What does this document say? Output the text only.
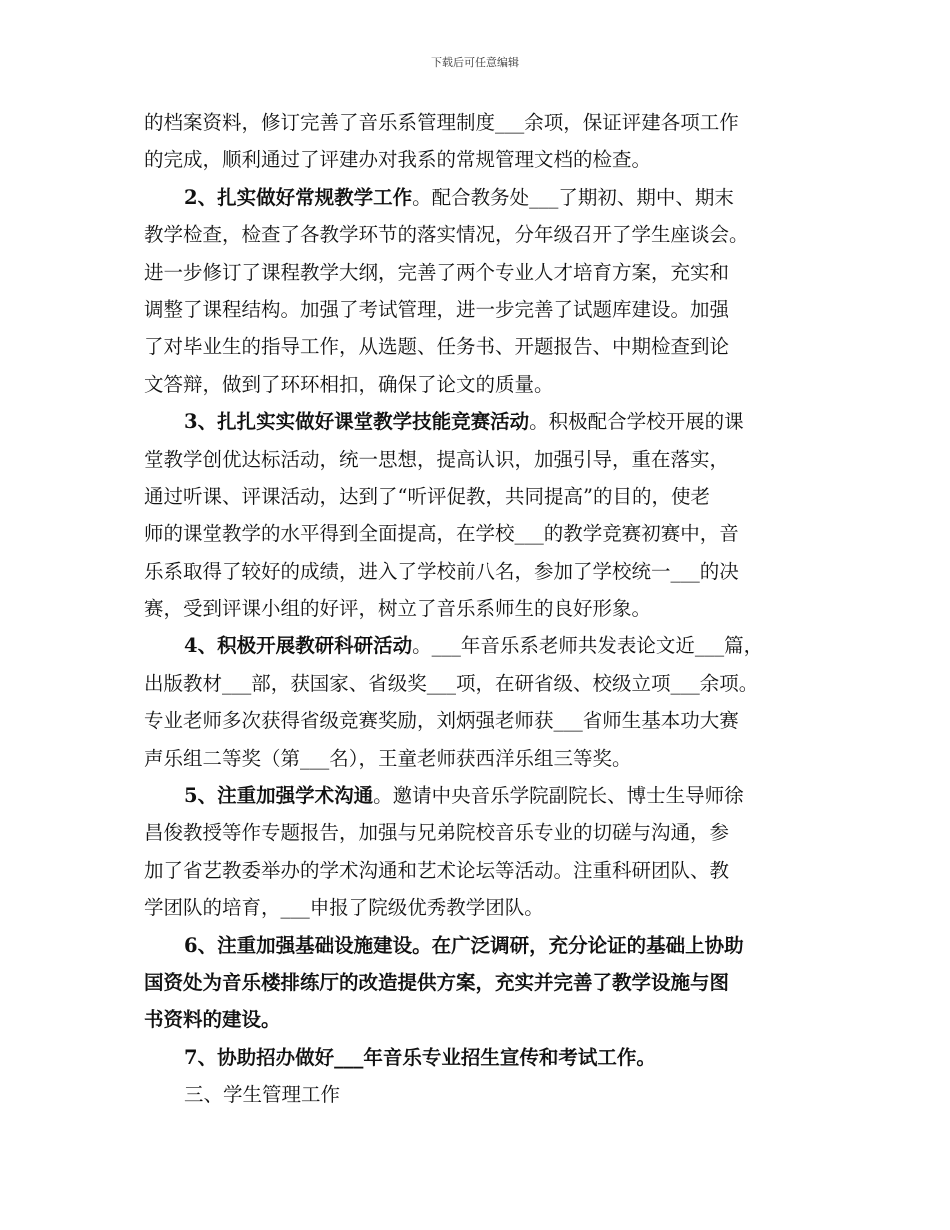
下载后可任意编辑
的档案资料，修订完善了音乐系管理制度___余项，保证评建各项工作
的完成，顺利通过了评建办对我系的常规管理文档的检查。
2、扎实做好常规教学工作。配合教务处___了期初、期中、期末
教学检查，检查了各教学环节的落实情况，分年级召开了学生座谈会。
进一步修订了课程教学大纲，完善了两个专业人才培育方案，充实和
调整了课程结构。加强了考试管理，进一步完善了试题库建设。加强
了对毕业生的指导工作，从选题、任务书、开题报告、中期检查到论
文答辩，做到了环环相扣，确保了论文的质量。
3、扎扎实实做好课堂教学技能竞赛活动。积极配合学校开展的课
堂教学创优达标活动，统一思想，提高认识，加强引导，重在落实，
通过听课、评课活动，达到了“听评促教，共同提高”的目的，使老
师的课堂教学的水平得到全面提高，在学校___的教学竞赛初赛中，音
乐系取得了较好的成绩，进入了学校前八名，参加了学校统一___的决
赛，受到评课小组的好评，树立了音乐系师生的良好形象。
4、积极开展教研科研活动。___年音乐系老师共发表论文近___篇，
出版教材___部，获国家、省级奖___项，在研省级、校级立项___余项。
专业老师多次获得省级竞赛奖励，刘炳强老师获___省师生基本功大赛
声乐组二等奖（第___名），王童老师获西洋乐组三等奖。
5、注重加强学术沟通。邀请中央音乐学院副院长、博士生导师徐
昌俊教授等作专题报告，加强与兄弟院校音乐专业的切磋与沟通，参
加了省艺教委举办的学术沟通和艺术论坛等活动。注重科研团队、教
学团队的培育，___申报了院级优秀教学团队。
6、注重加强基础设施建设。在广泛调研，充分论证的基础上协助
国资处为音乐楼排练厅的改造提供方案，充实并完善了教学设施与图
书资料的建设。
7、协助招办做好___年音乐专业招生宣传和考试工作。
三、学生管理工作
